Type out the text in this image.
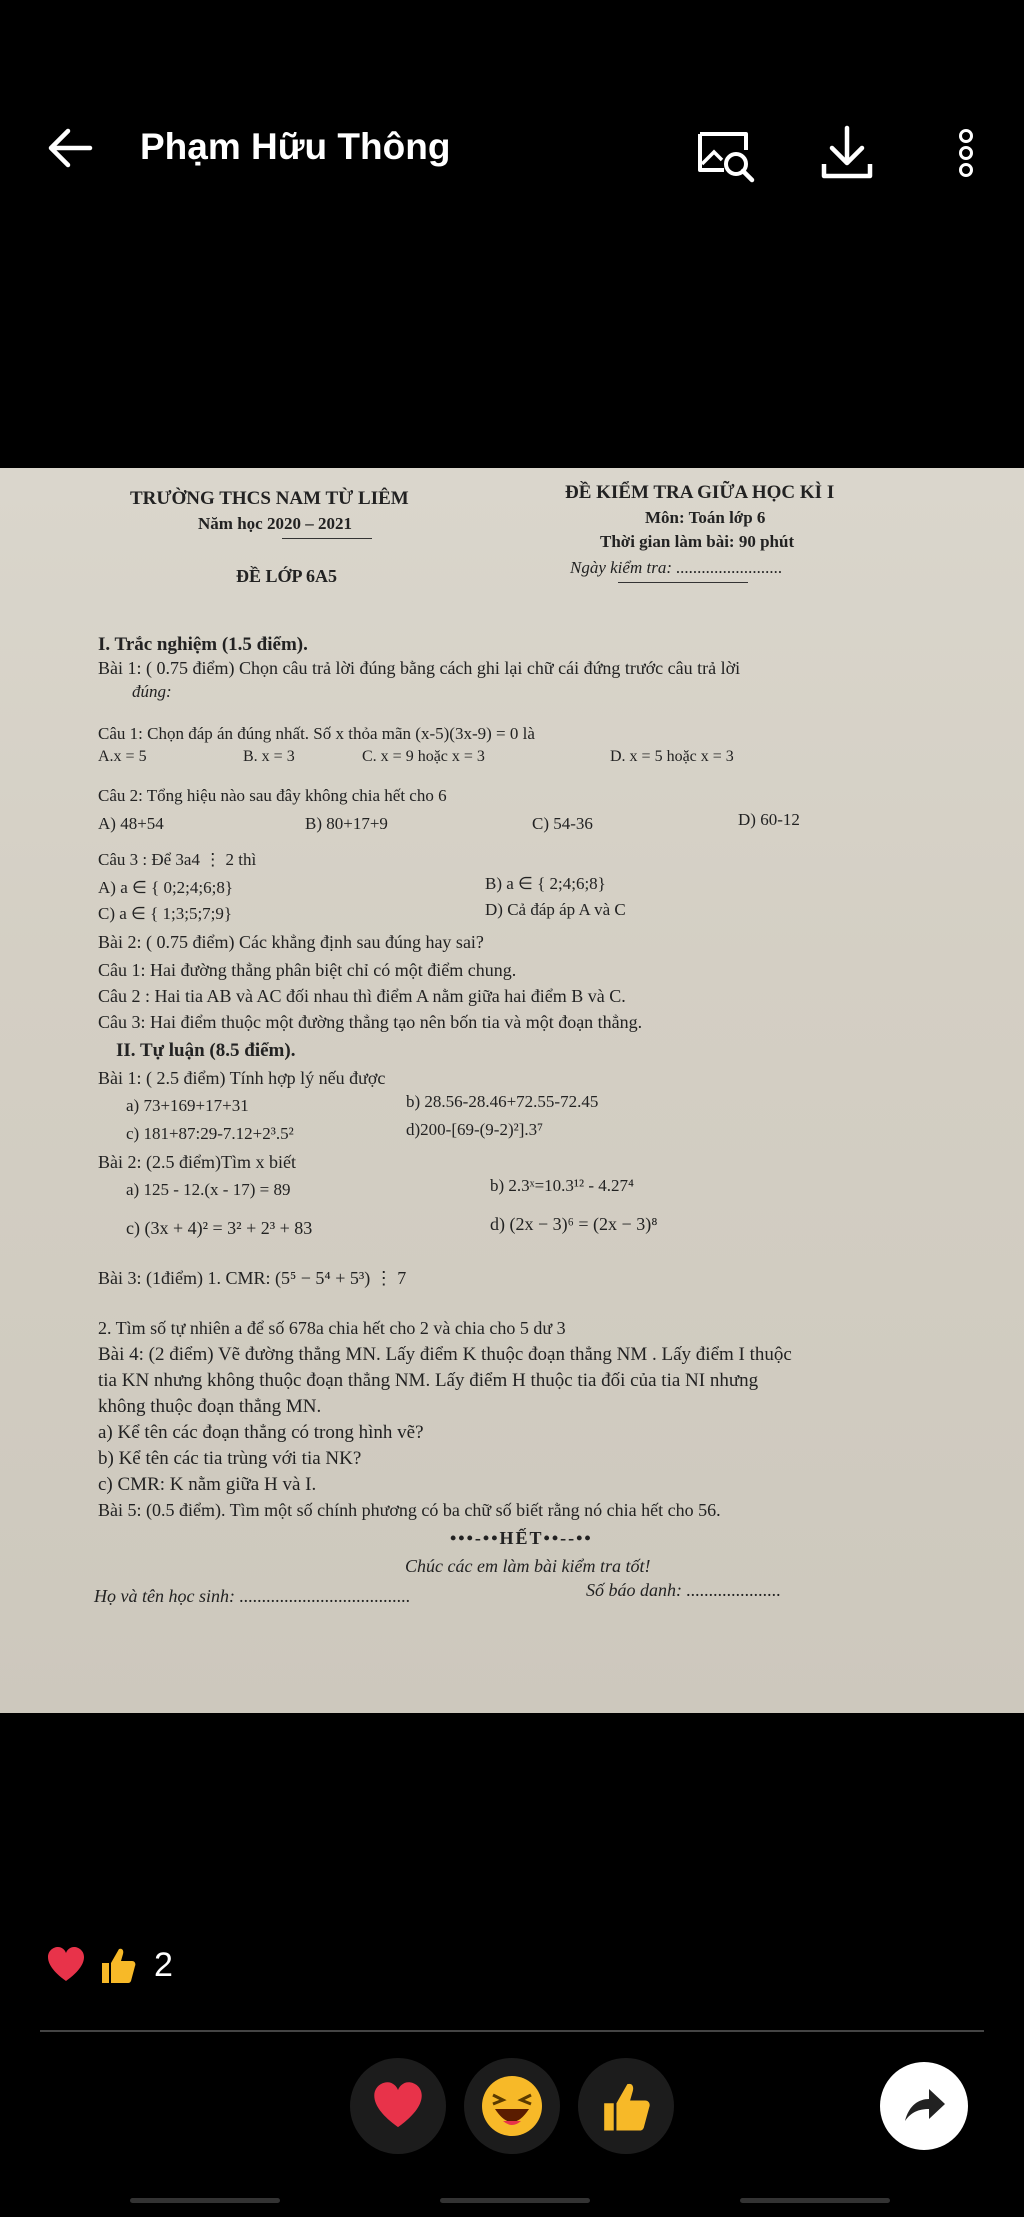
Phạm Hữu Thông
TRƯỜNG THCS NAM TỪ LIÊM
Năm học 2020 – 2021
ĐỀ LỚP 6A5
ĐỀ KIỂM TRA GIỮA HỌC KÌ I
Môn: Toán lớp 6
Thời gian làm bài: 90 phút
Ngày kiểm tra: .........................
I. Trắc nghiệm (1.5 điểm).
Bài 1: ( 0.75 điểm) Chọn câu trả lời đúng bằng cách ghi lại chữ cái đứng trước câu trả lời
đúng:
Câu 1: Chọn đáp án đúng nhất. Số x thỏa mãn (x-5)(3x-9) = 0 là
A.x = 5	B. x = 3	C. x = 9 hoặc x = 3	D. x = 5 hoặc x = 3
Câu 2: Tổng hiệu nào sau đây không chia hết cho 6
A) 48+54	B) 80+17+9	C) 54-36	D) 60-12
Câu 3 : Để 3a4 ⋮ 2 thì
A) a ∈ { 0;2;4;6;8}	B) a ∈ { 2;4;6;8}
C) a ∈ { 1;3;5;7;9}	D) Cả đáp áp A và C
Bài 2: ( 0.75 điểm) Các khẳng định sau đúng hay sai?
Câu 1: Hai đường thẳng phân biệt chỉ có một điểm chung.
Câu 2 : Hai tia AB và AC đối nhau thì điểm A nằm giữa hai điểm B và C.
Câu 3: Hai điểm thuộc một đường thẳng tạo nên bốn tia và một đoạn thẳng.
II. Tự luận (8.5 điểm).
Bài 1: ( 2.5 điểm) Tính hợp lý nếu được
a) 73+169+17+31	b) 28.56-28.46+72.55-72.45
c) 181+87:29-7.12+2³.5²	d)200-[69-(9-2)²].3⁷
Bài 2: (2.5 điểm)Tìm x biết
a) 125 - 12.(x - 17) = 89	b) 2.3ˣ=10.3¹² - 4.27⁴
c) (3x + 4)² = 3² + 2³ + 83	d) (2x − 3)⁶ = (2x − 3)⁸
Bài 3: (1điểm) 1. CMR: (5⁵ − 5⁴ + 5³) ⋮ 7
2. Tìm số tự nhiên a để số 678a chia hết cho 2 và chia cho 5 dư 3
Bài 4: (2 điểm) Vẽ đường thẳng MN. Lấy điểm K thuộc đoạn thẳng NM . Lấy điểm I thuộc
tia KN nhưng không thuộc đoạn thẳng NM. Lấy điểm H thuộc tia đối của tia NI nhưng
không thuộc đoạn thẳng MN.
a) Kể tên các đoạn thẳng có trong hình vẽ?
b) Kể tên các tia trùng với tia NK?
c) CMR: K nằm giữa H và I.
Bài 5: (0.5 điểm). Tìm một số chính phương có ba chữ số biết rằng nó chia hết cho 56.
•••-••HẾT••--••
Chúc các em làm bài kiểm tra tốt!
Họ và tên học sinh: ......................................	Số báo danh: .....................
2
